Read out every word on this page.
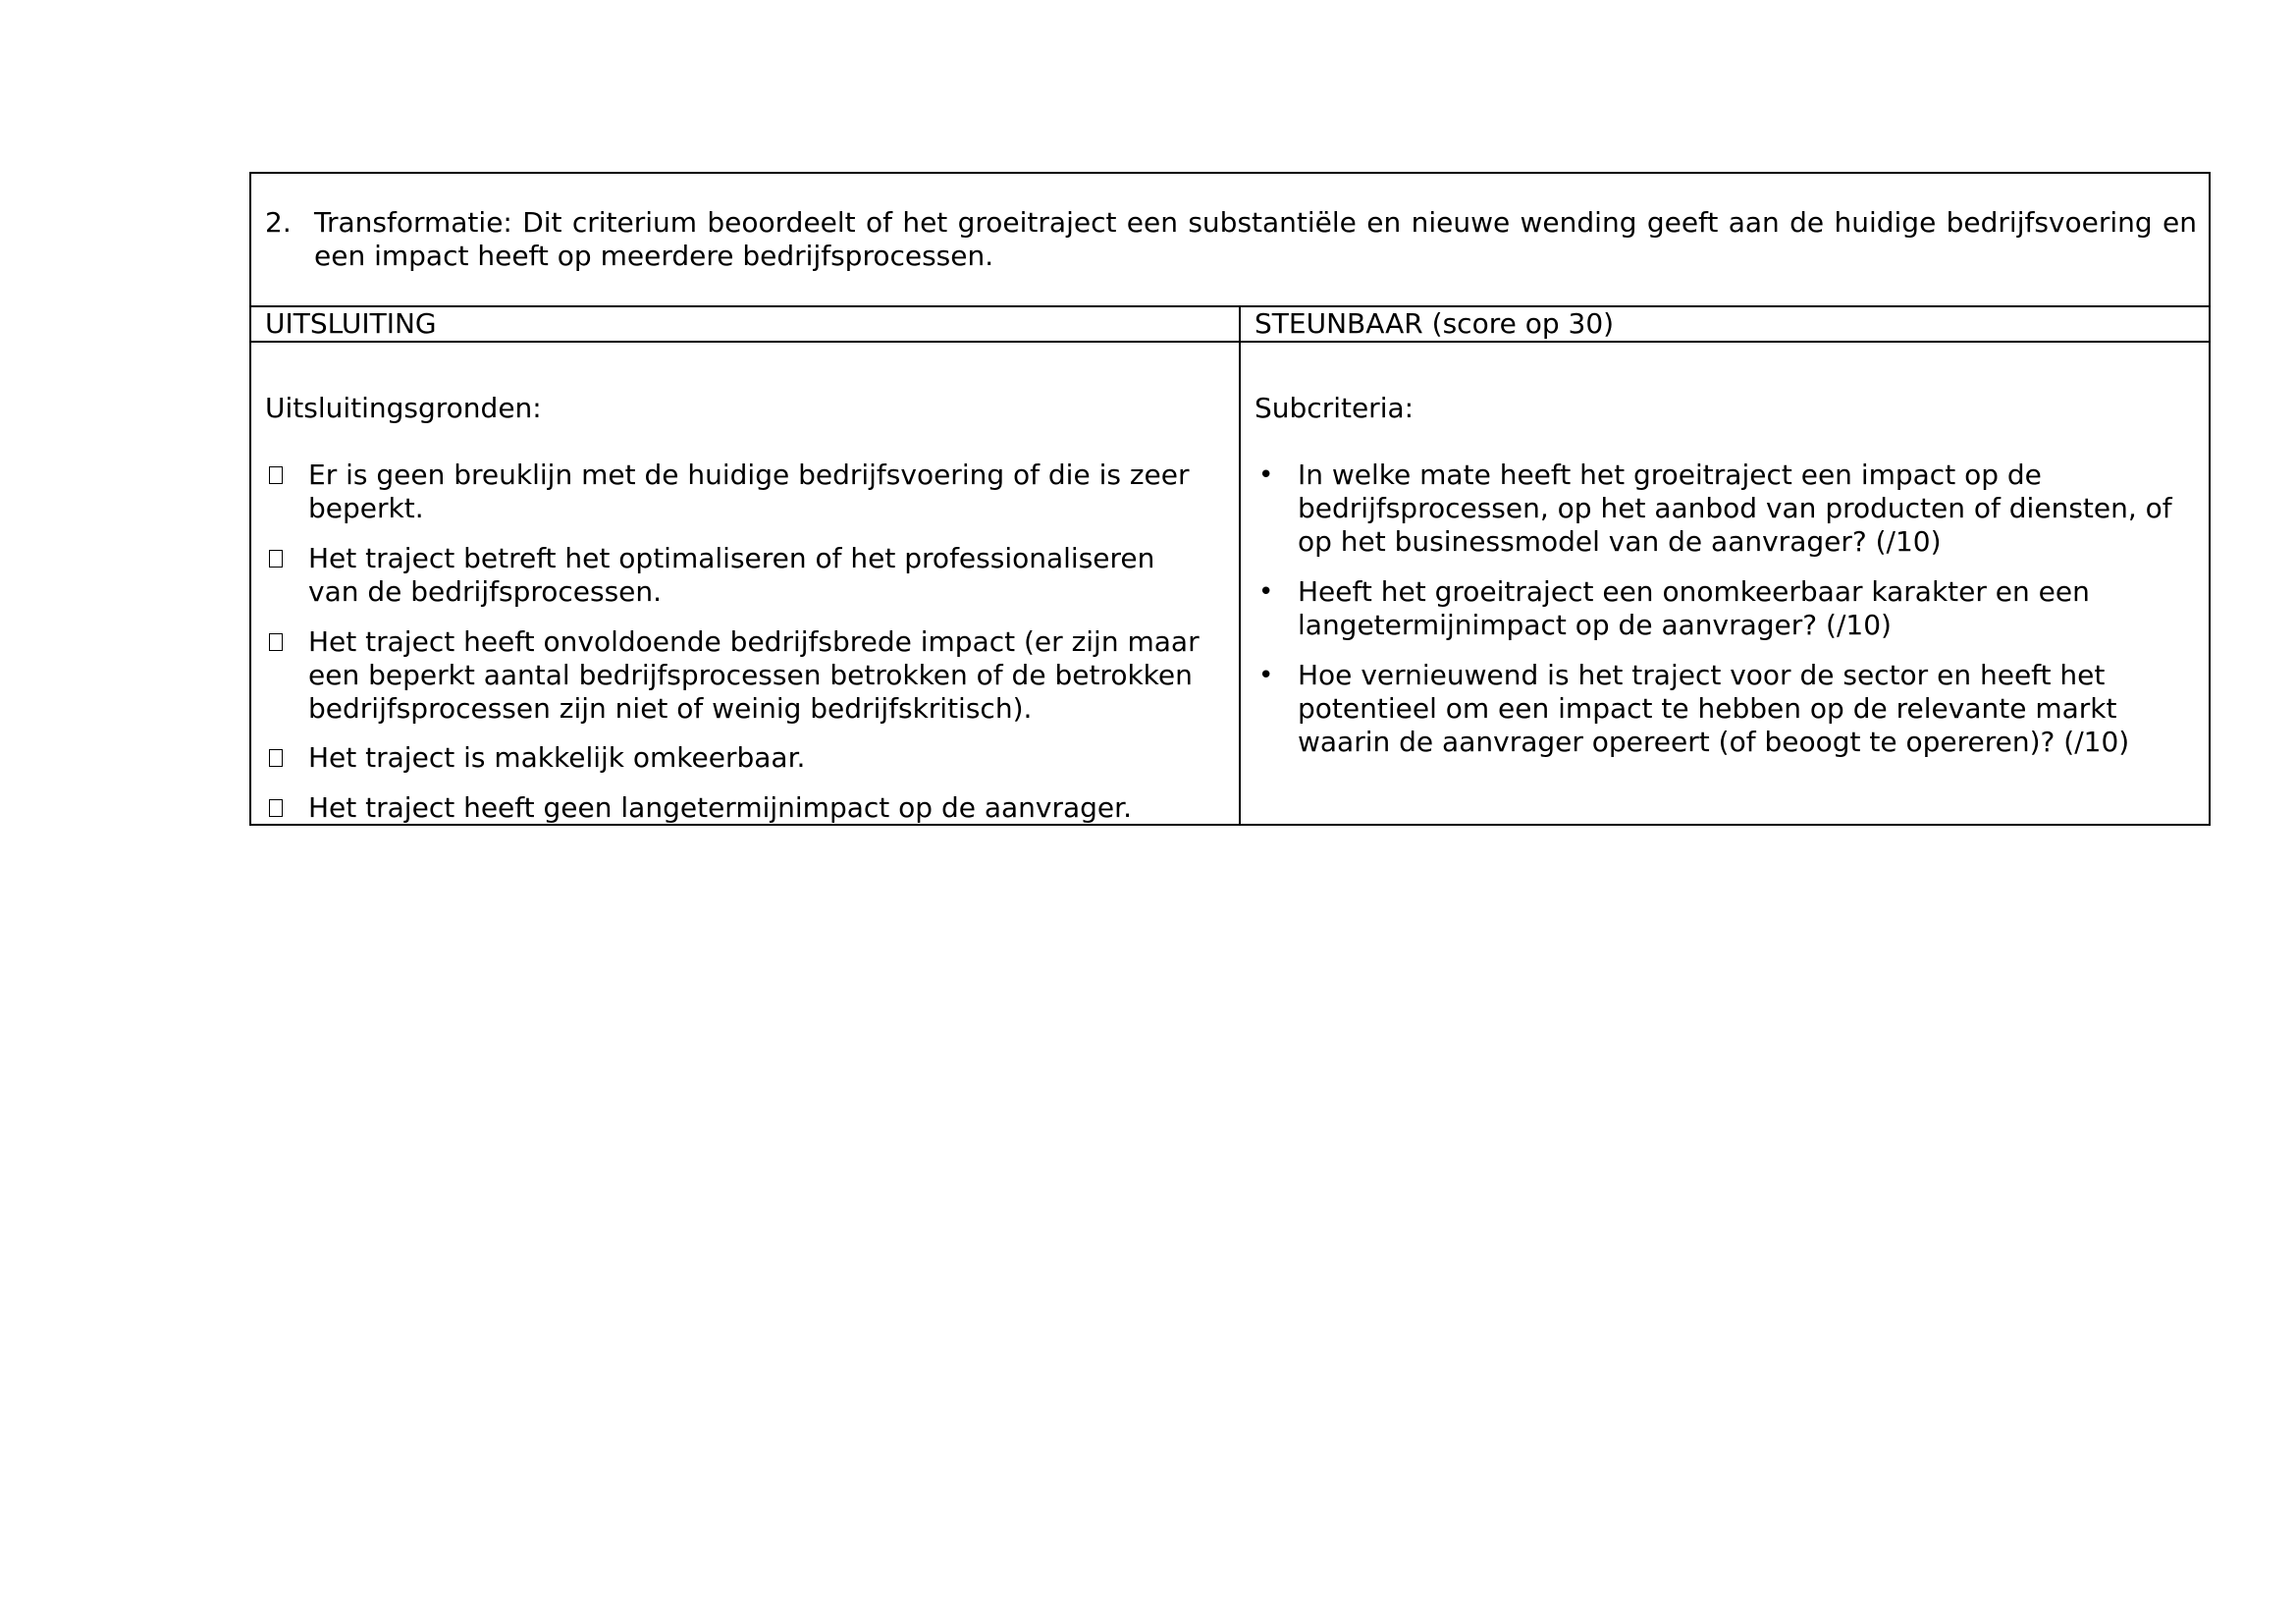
2. Transformatie: Dit criterium beoordeelt of het groeitraject een substantiële en nieuwe wending geeft aan de huidige bedrijfsvoering en een impact heeft op meerdere bedrijfsprocessen.
UITSLUITING	STEUNBAAR (score op 30)
Uitsluitingsgronden:
Er is geen breuklijn met de huidige bedrijfsvoering of die is zeer beperkt.
Het traject betreft het optimaliseren of het professionaliseren van de bedrijfsprocessen.
Het traject heeft onvoldoende bedrijfsbrede impact (er zijn maar een beperkt aantal bedrijfsprocessen betrokken of de betrokken bedrijfsprocessen zijn niet of weinig bedrijfskritisch).
Het traject is makkelijk omkeerbaar.
Het traject heeft geen langetermijnimpact op de aanvrager.
Subcriteria:
• In welke mate heeft het groeitraject een impact op de bedrijfsprocessen, op het aanbod van producten of diensten, of op het businessmodel van de aanvrager? (/10)
• Heeft het groeitraject een onomkeerbaar karakter en een langetermijnimpact op de aanvrager? (/10)
• Hoe vernieuwend is het traject voor de sector en heeft het potentieel om een impact te hebben op de relevante markt waarin de aanvrager opereert (of beoogt te opereren)? (/10)
